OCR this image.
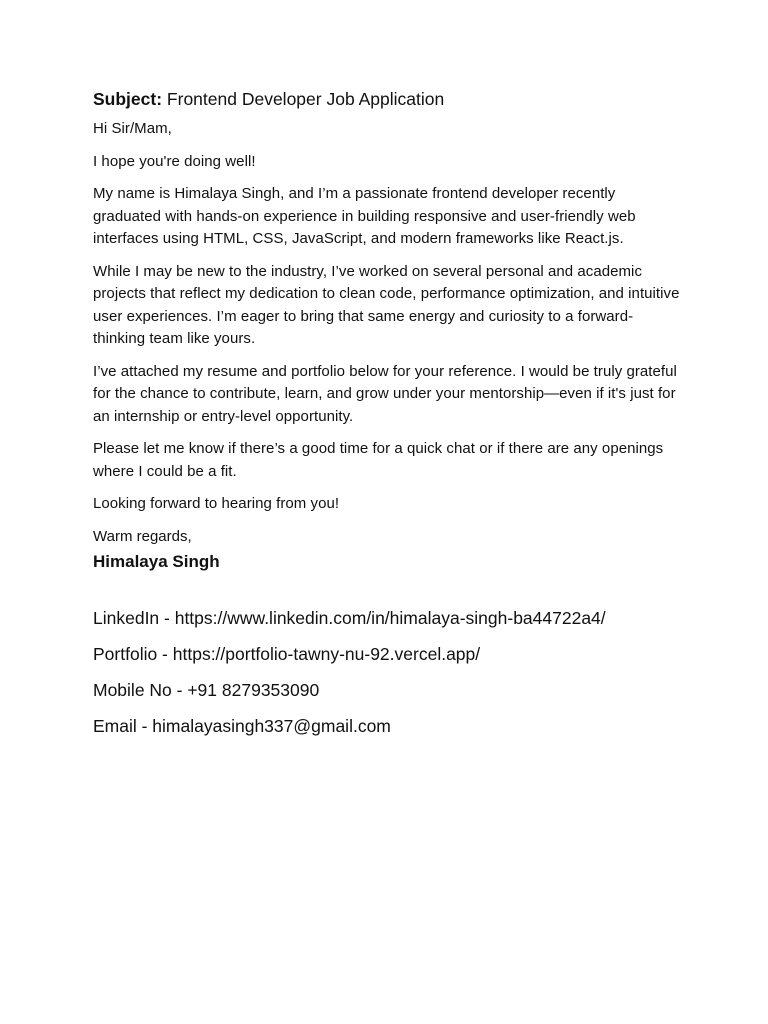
Subject: Frontend Developer Job Application

Hi Sir/Mam,

I hope you're doing well!

My name is Himalaya Singh, and I’m a passionate frontend developer recently graduated with hands-on experience in building responsive and user-friendly web interfaces using HTML, CSS, JavaScript, and modern frameworks like React.js.

While I may be new to the industry, I’ve worked on several personal and academic projects that reflect my dedication to clean code, performance optimization, and intuitive user experiences. I’m eager to bring that same energy and curiosity to a forward-thinking team like yours.

I’ve attached my resume and portfolio below for your reference. I would be truly grateful for the chance to contribute, learn, and grow under your mentorship—even if it's just for an internship or entry-level opportunity.

Please let me know if there’s a good time for a quick chat or if there are any openings where I could be a fit.

Looking forward to hearing from you!

Warm regards,

Himalaya Singh

LinkedIn - https://www.linkedin.com/in/himalaya-singh-ba44722a4/
Portfolio - https://portfolio-tawny-nu-92.vercel.app/
Mobile No - +91 8279353090
Email - himalayasingh337@gmail.com
